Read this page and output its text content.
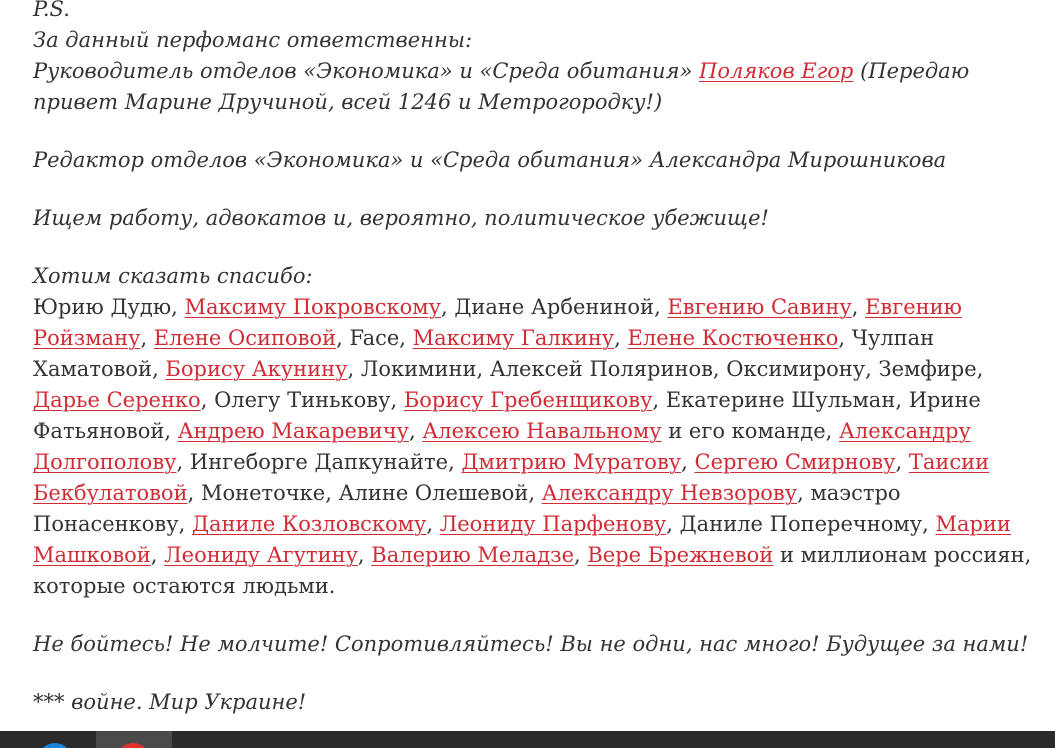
P.S.
За данный перфоманс ответственны:
Руководитель отделов «Экономика» и «Среда обитания» Поляков Егор (Передаю привет Марине Дручиной, всей 1246 и Метрогородку!)

Редактор отделов «Экономика» и «Среда обитания» Александра Мирошникова

Ищем работу, адвокатов и, вероятно, политическое убежище!

Хотим сказать спасибо:
Юрию Дудю, Максиму Покровскому, Диане Арбениной, Евгению Савину, Евгению Ройзману, Елене Осиповой, Face, Максиму Галкину, Елене Костюченко, Чулпан Хаматовой, Борису Акунину, Локимини, Алексей Поляринов, Оксимирону, Земфире, Дарье Серенко, Олегу Тинькову, Борису Гребенщикову, Екатерине Шульман, Ирине Фатьяновой, Андрею Макаревичу, Алексею Навальному и его команде, Александру Долгополову, Ингеборге Дапкунайте, Дмитрию Муратову, Сергею Смирнову, Таисии Бекбулатовой, Монеточке, Алине Олешевой, Александру Невзорову, маэстро Понасенкову, Даниле Козловскому, Леониду Парфенову, Даниле Поперечному, Марии Машковой, Леониду Агутину, Валерию Меладзе, Вере Брежневой и миллионам россиян, которые остаются людьми.

Не бойтесь! Не молчите! Сопротивляйтесь! Вы не одни, нас много! Будущее за нами!

*** войне. Мир Украине!
